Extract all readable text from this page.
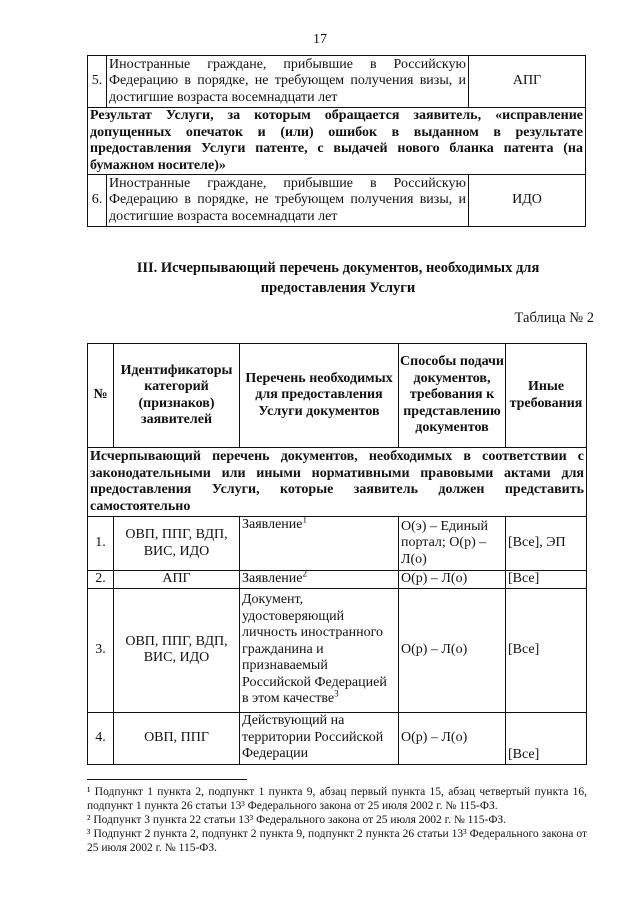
17
5.	Иностранные граждане, прибывшие в Российскую Федерацию в порядке, не требующем получения визы, и достигшие возраста восемнадцати лет	АПГ
Результат Услуги, за которым обращается заявитель, «исправление допущенных опечаток и (или) ошибок в выданном в результате предоставления Услуги патенте, с выдачей нового бланка патента (на бумажном носителе)»		
6.	Иностранные граждане, прибывшие в Российскую Федерацию в порядке, не требующем получения визы, и достигшие возраста восемнадцати лет	ИДО
III. Исчерпывающий перечень документов, необходимых для предоставления Услуги
Таблица № 2
№	Идентификаторы категорий (признаков) заявителей	Перечень необходимых для предоставления Услуги документов	Способы подачи документов, требования к представлению документов	Иные требования
Исчерпывающий перечень документов, необходимых в соответствии с законодательными или иными нормативными правовыми актами для предоставления Услуги, которые заявитель должен представить самостоятельно				
1.	ОВП, ППГ, ВДП, ВИС, ИДО	Заявление$^1$	О(э) – Единый портал; О(р) – Л(о)	[Все], ЭП
2.	АПГ	Заявление$^2$	О(р) – Л(о)	[Все]
3.	ОВП, ППГ, ВДП, ВИС, ИДО	Документ, удостоверяющий личность иностранного гражданина и признаваемый Российской Федерацией в этом качестве$^3$	О(р) – Л(о)	[Все]
4.	ОВП, ППГ	Действующий на территории Российской Федерации	О(р) – Л(о)	[Все]

¹ Подпункт 1 пункта 2, подпункт 1 пункта 9, абзац первый пункта 15, абзац четвертый пункта 16, подпункт 1 пункта 26 статьи 13³ Федерального закона от 25 июля 2002 г. № 115-ФЗ.

² Подпункт 3 пункта 22 статьи 13³ Федерального закона от 25 июля 2002 г. № 115-ФЗ.

³ Подпункт 2 пункта 2, подпункт 2 пункта 9, подпункт 2 пункта 26 статьи 13³ Федерального закона от 25 июля 2002 г. № 115-ФЗ.
